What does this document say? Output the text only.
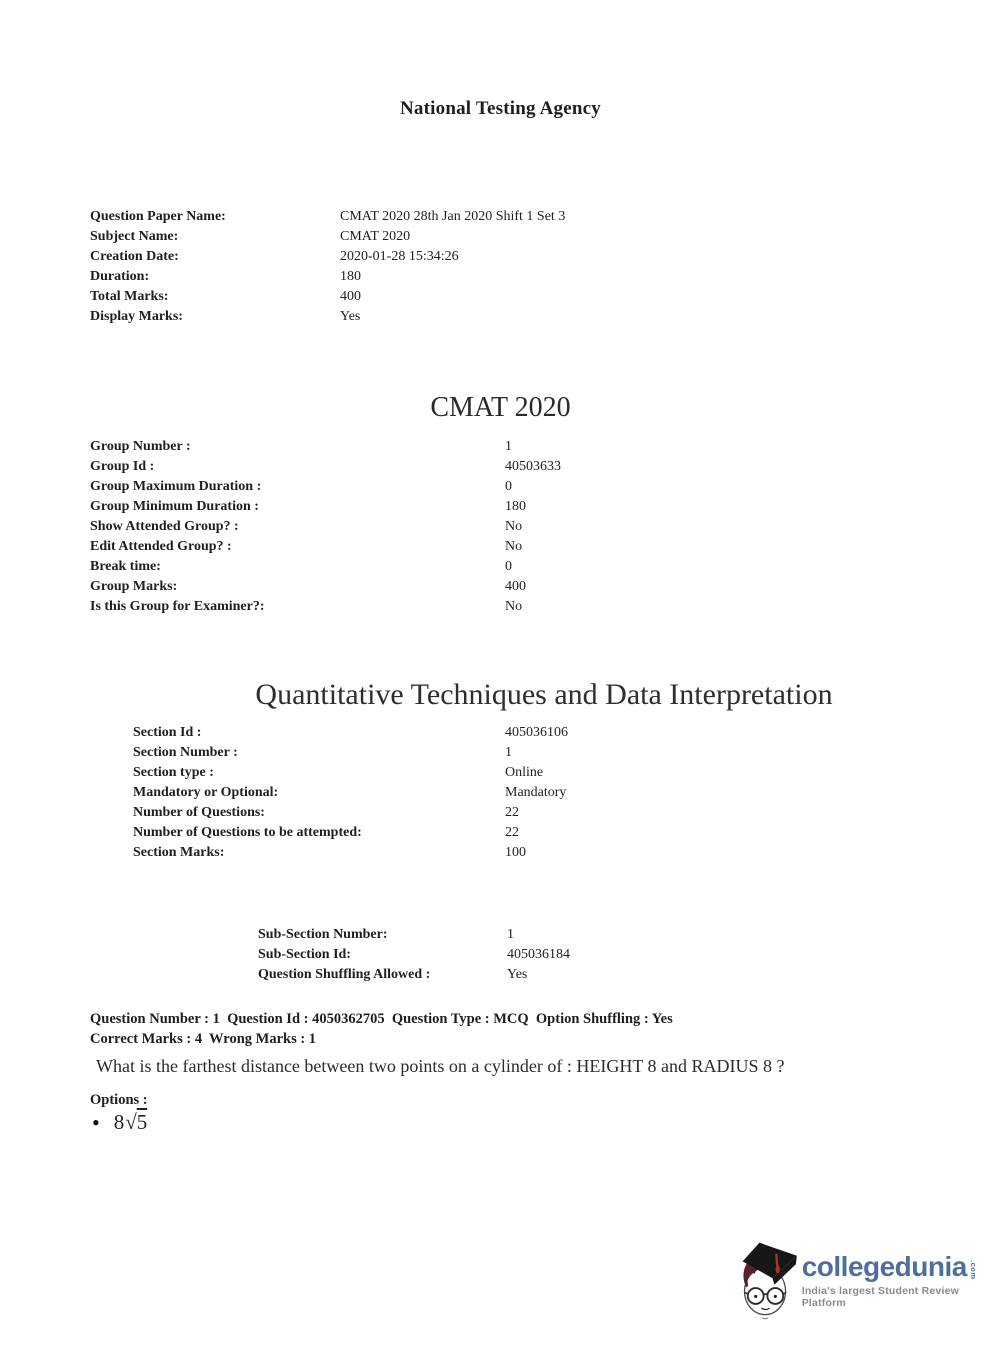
National Testing Agency
Question Paper Name:	CMAT 2020 28th Jan 2020 Shift 1 Set 3
Subject Name:	CMAT 2020
Creation Date:	2020-01-28 15:34:26
Duration:	180
Total Marks:	400
Display Marks:	Yes
CMAT 2020
Group Number :	1
Group Id :	40503633
Group Maximum Duration :	0
Group Minimum Duration :	180
Show Attended Group? :	No
Edit Attended Group? :	No
Break time:	0
Group Marks:	400
Is this Group for Examiner?:	No
Quantitative Techniques and Data Interpretation
Section Id :	405036106
Section Number :	1
Section type :	Online
Mandatory or Optional:	Mandatory
Number of Questions:	22
Number of Questions to be attempted:	22
Section Marks:	100
Sub-Section Number:	1
Sub-Section Id:	405036184
Question Shuffling Allowed :	Yes
Question Number : 1  Question Id : 4050362705  Question Type : MCQ  Option Shuffling : Yes
Correct Marks : 4  Wrong Marks : 1
What is the farthest distance between two points on a cylinder of : HEIGHT 8 and RADIUS 8 ?
Options :
• 8√5
collegedunia .com
India's largest Student Review Platform
